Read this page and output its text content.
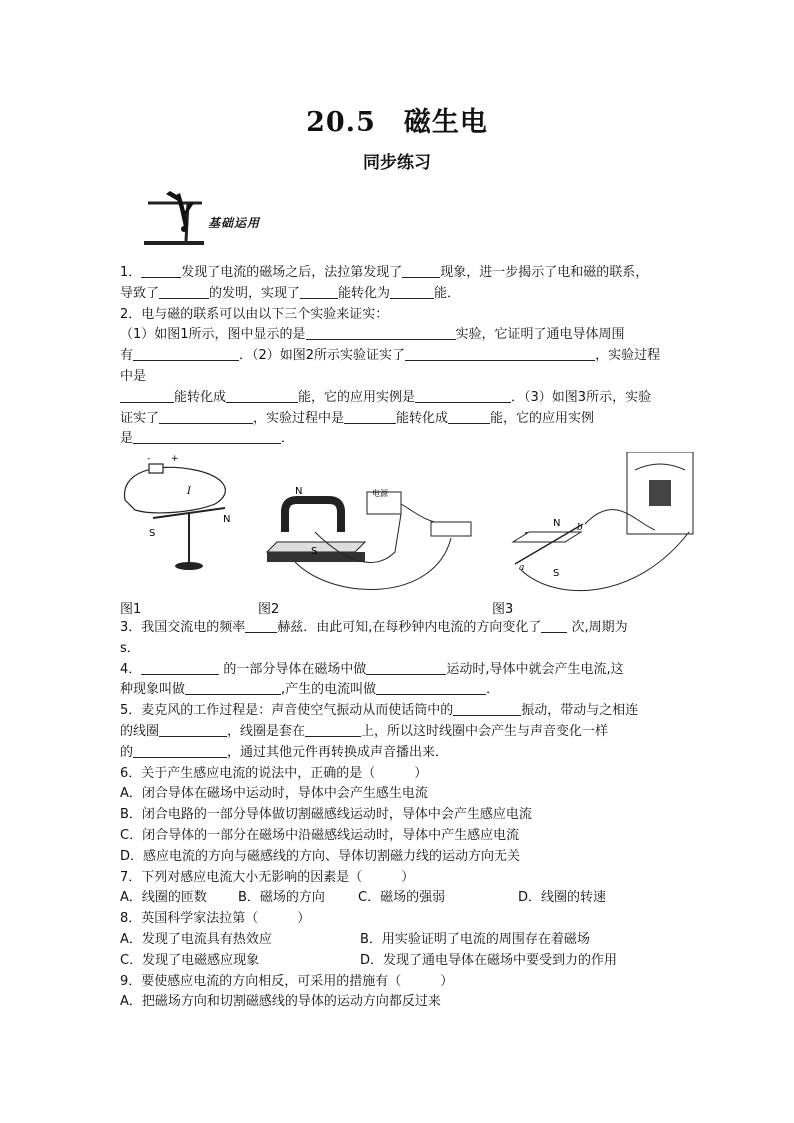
20.5　磁生电
同步练习
基础运用
1．	发现了电流的磁场之后，法拉第发现了	现象，进一步揭示了电和磁的联系，
导致了	的发明，实现了	能转化为	能．
2．电与磁的联系可以由以下三个实验来证实：
（1）如图1所示，图中显示的是	实验，它证明了通电导体周围
有	．（2）如图2所示实验证实了	，实验过程
中是
能转化成	能，它的应用实例是	．（3）如图3所示，实验
证实了	，实验过程中是	能转化成	能，它的应用实例
是	．
- +
I
S
N
N
S
电源
N
S
a
b
图1	图2	图3
3．我国交流电的频率 赫兹．由此可知,在每秒钟内电流的方向变化了 次,周期为
s．
4．	的一部分导体在磁场中做	运动时,导体中就会产生电流,这
种现象叫做	,产生的电流叫做	．
5．麦克风的工作过程是：声音使空气振动从而使话筒中的	振动，带动与之相连
的线圈	，线圈是套在	上，所以这时线圈中会产生与声音变化一样
的	，通过其他元件再转换成声音播出来．
6．关于产生感应电流的说法中，正确的是（　　　）
A．闭合导体在磁场中运动时，导体中会产生感生电流
B．闭合电路的一部分导体做切割磁感线运动时，导体中会产生感应电流
C．闭合导体的一部分在磁场中沿磁感线运动时，导体中产生感应电流
D．感应电流的方向与磁感线的方向、导体切割磁力线的运动方向无关
7．下列对感应电流大小无影响的因素是（　　　）
A．线圈的匝数 B．磁场的方向	C．磁场的强弱	D．线圈的转速
8．英国科学家法拉第（　　　）
A．发现了电流具有热效应	B．用实验证明了电流的周围存在着磁场
C．发现了电磁感应现象	D．发现了通电导体在磁场中要受到力的作用
9．要使感应电流的方向相反，可采用的措施有（　　　）
A．把磁场方向和切割磁感线的导体的运动方向都反过来
